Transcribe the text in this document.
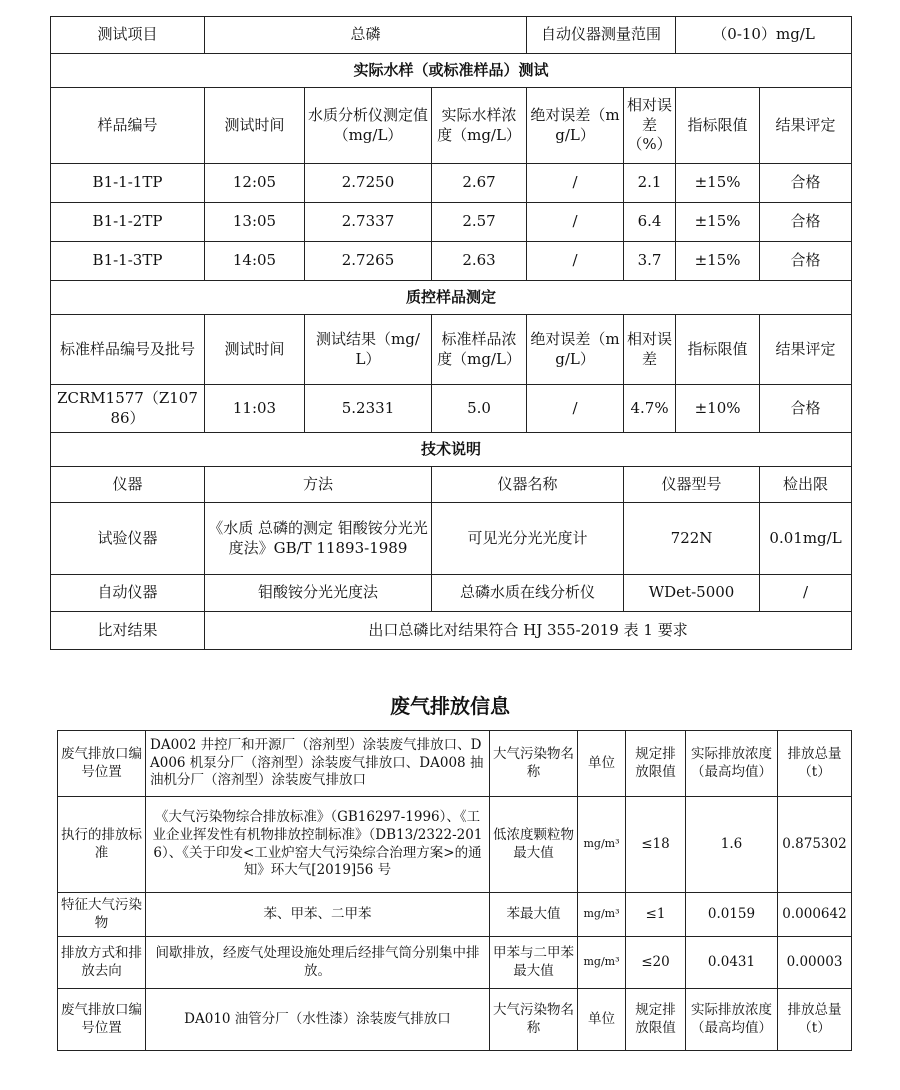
测试项目	总磷			自动仪器测量范围		（0-10）mg/L	
实际水样（或标准样品）测试							
样品编号	测试时间	水质分析仪测定值（mg/L）	实际水样浓度（mg/L）	绝对误差（mg/L）	相对误差（%）	指标限值	结果评定
B1-1-1TP	12:05	2.7250	2.67	/	2.1	±15%	合格
B1-1-2TP	13:05	2.7337	2.57	/	6.4	±15%	合格
B1-1-3TP	14:05	2.7265	2.63	/	3.7	±15%	合格
质控样品测定							
标准样品编号及批号	测试时间	测试结果（mg/L）	标准样品浓度（mg/L）	绝对误差（mg/L）	相对误差	指标限值	结果评定
ZCRM1577（Z10786）	11:03	5.2331	5.0	/	4.7%	±10%	合格
技术说明							
仪器	方法		仪器名称		仪器型号		检出限
试验仪器	《水质 总磷的测定 钼酸铵分光光度法》GB/T 11893-1989		可见光分光光度计		722N		0.01mg/L
自动仪器	钼酸铵分光光度法		总磷水质在线分析仪		WDet-5000		/
比对结果	出口总磷比对结果符合 HJ 355-2019 表 1 要求						
废气排放信息
废气排放口编号位置	DA002 井控厂和开源厂（溶剂型）涂装废气排放口、DA006 机泵分厂（溶剂型）涂装废气排放口、DA008 抽油机分厂（溶剂型）涂装废气排放口	大气污染物名称	单位	规定排放限值	实际排放浓度（最高均值）	排放总量（t）
执行的排放标准	《大气污染物综合排放标准》（GB16297-1996）、《工业企业挥发性有机物排放控制标准》（DB13/2322-2016）、《关于印发<工业炉窑大气污染综合治理方案>的通知》环大气[2019]56 号	低浓度颗粒物最大值	mg/m³	≤18	1.6	0.875302
特征大气污染物	苯、甲苯、二甲苯	苯最大值	mg/m³	≤1	0.0159	0.000642
排放方式和排放去向	间歇排放，经废气处理设施处理后经排气筒分别集中排放。	甲苯与二甲苯最大值	mg/m³	≤20	0.0431	0.00003
废气排放口编号位置	DA010 油管分厂（水性漆）涂装废气排放口	大气污染物名称	单位	规定排放限值	实际排放浓度（最高均值）	排放总量（t）
